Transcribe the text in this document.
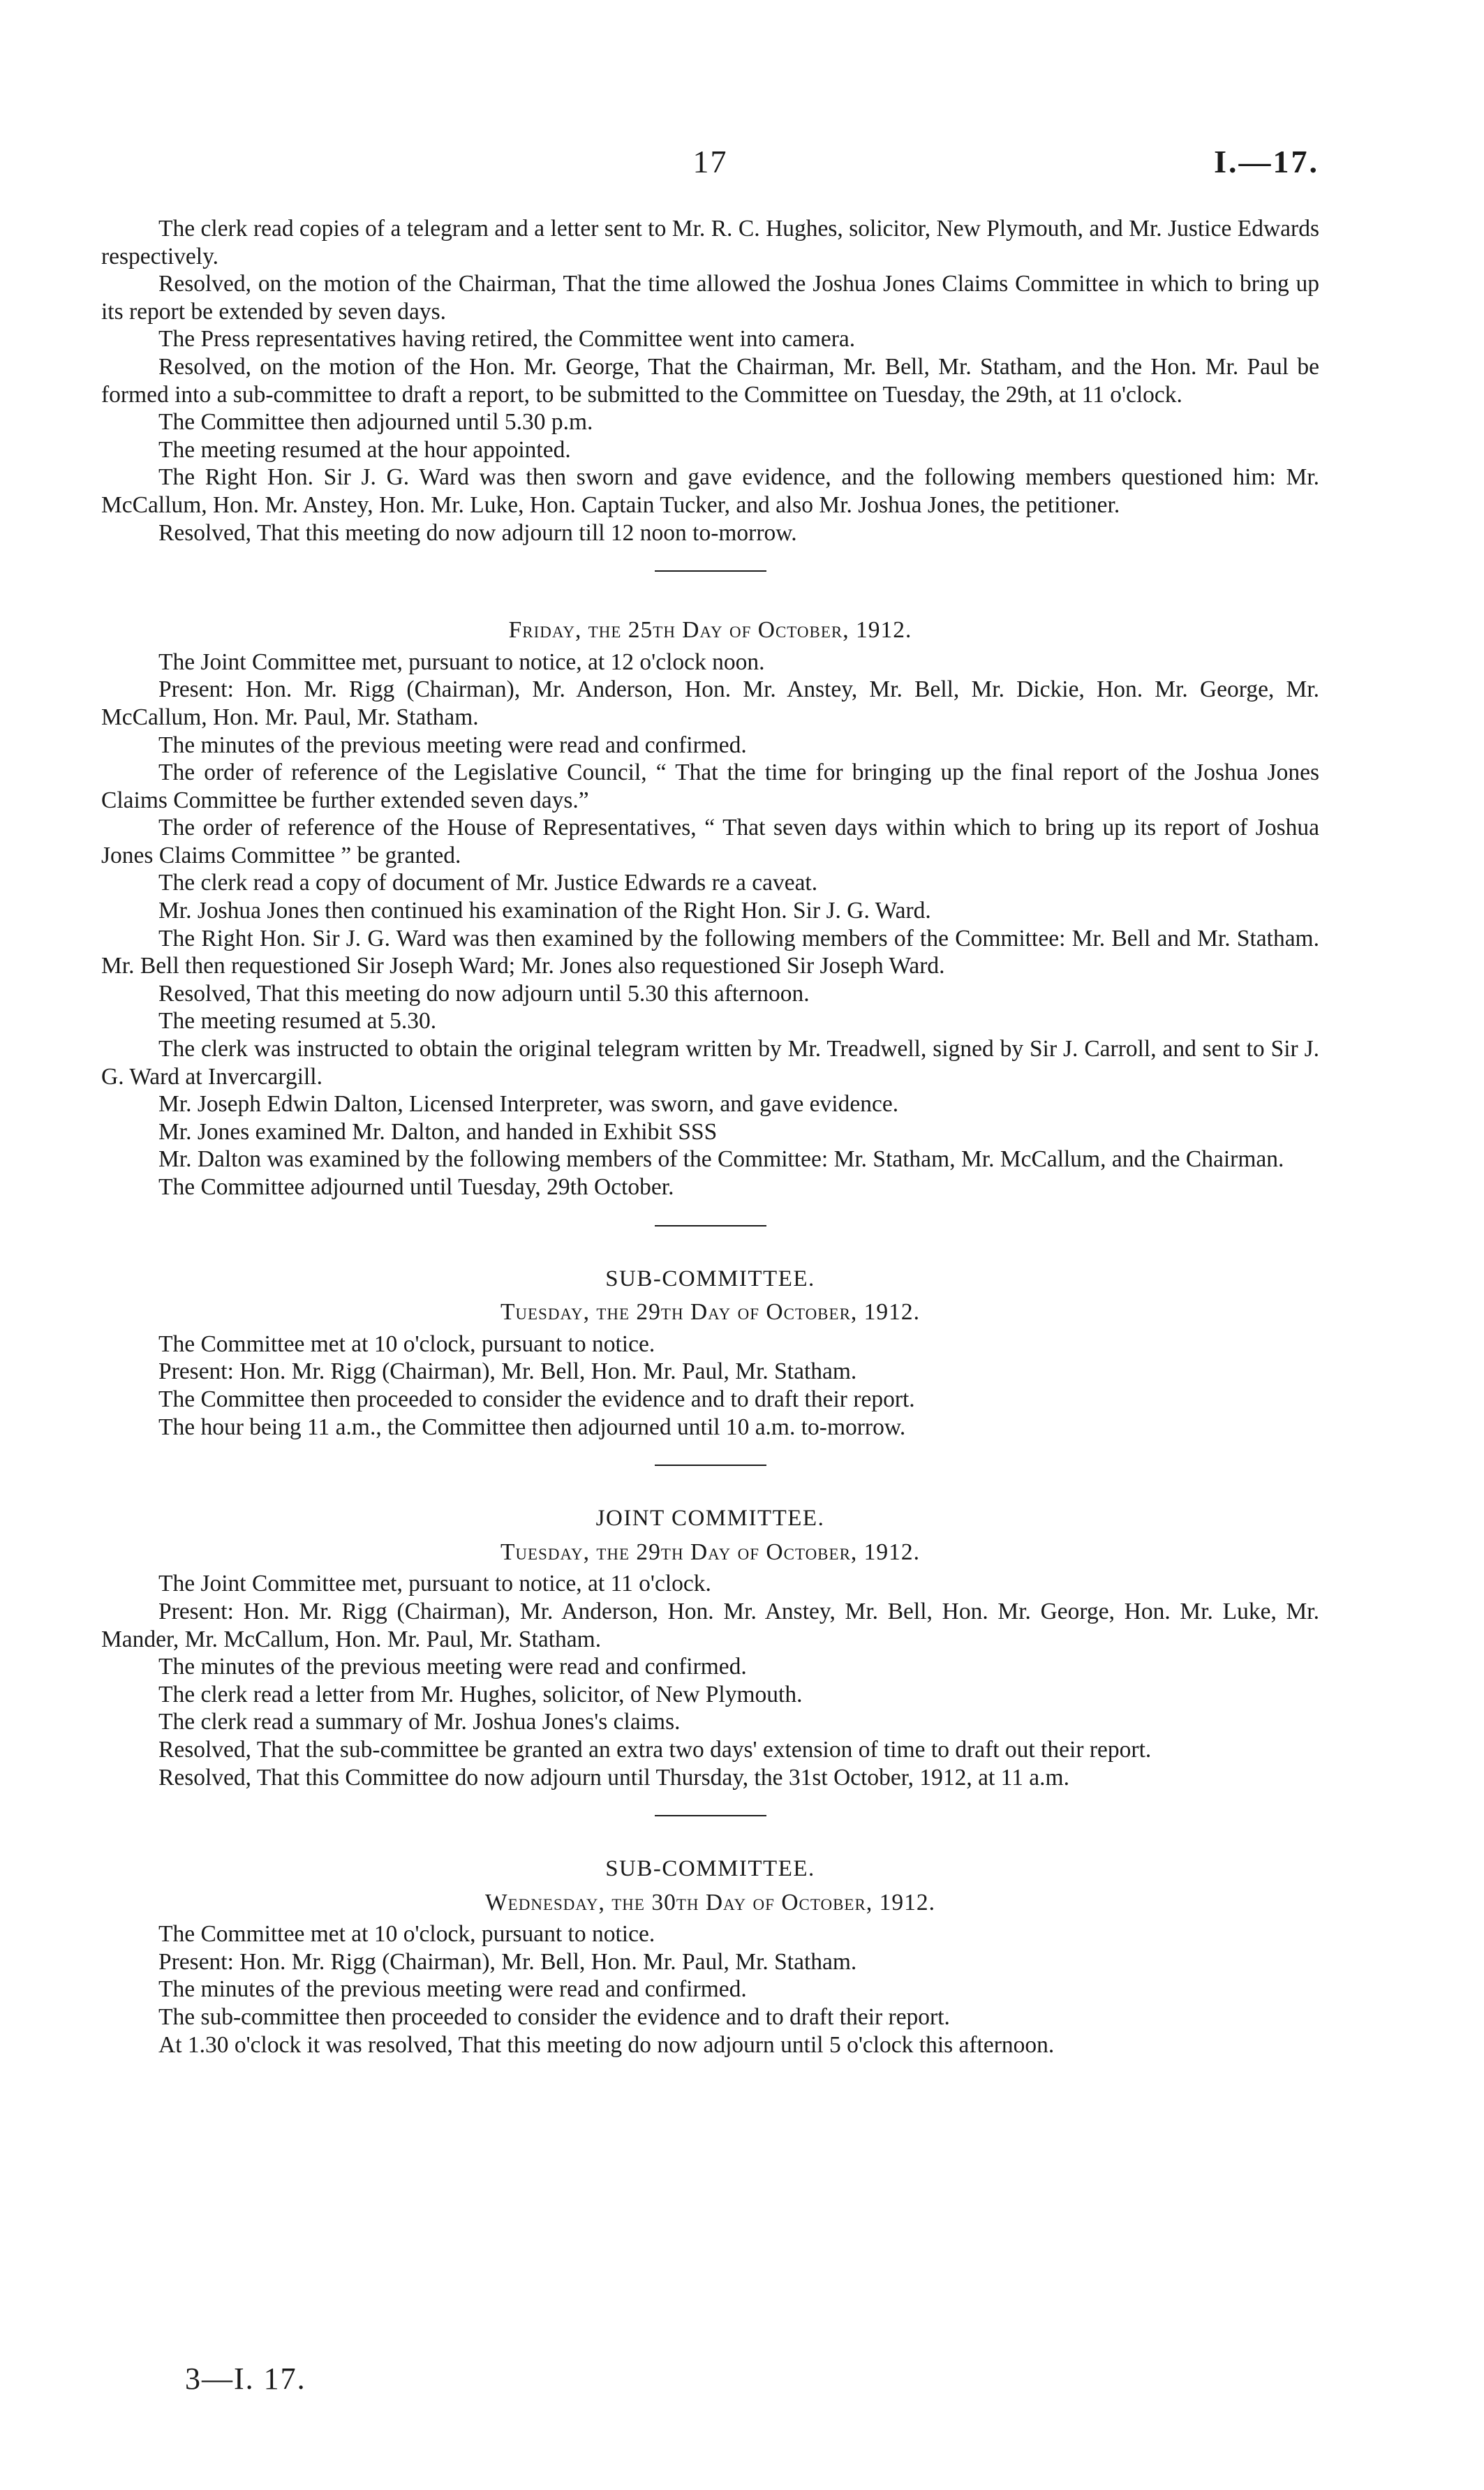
17	I.—17.

The clerk read copies of a telegram and a letter sent to Mr. R. C. Hughes, solicitor, New Plymouth, and Mr. Justice Edwards respectively.

Resolved, on the motion of the Chairman, That the time allowed the Joshua Jones Claims Committee in which to bring up its report be extended by seven days.

The Press representatives having retired, the Committee went into camera.

Resolved, on the motion of the Hon. Mr. George, That the Chairman, Mr. Bell, Mr. Statham, and the Hon. Mr. Paul be formed into a sub-committee to draft a report, to be submitted to the Committee on Tuesday, the 29th, at 11 o'clock.

The Committee then adjourned until 5.30 p.m.

The meeting resumed at the hour appointed.

The Right Hon. Sir J. G. Ward was then sworn and gave evidence, and the following members questioned him: Mr. McCallum, Hon. Mr. Anstey, Hon. Mr. Luke, Hon. Captain Tucker, and also Mr. Joshua Jones, the petitioner.

Resolved, That this meeting do now adjourn till 12 noon to-morrow.

Friday, the 25th Day of October, 1912.

The Joint Committee met, pursuant to notice, at 12 o'clock noon.

Present: Hon. Mr. Rigg (Chairman), Mr. Anderson, Hon. Mr. Anstey, Mr. Bell, Mr. Dickie, Hon. Mr. George, Mr. McCallum, Hon. Mr. Paul, Mr. Statham.

The minutes of the previous meeting were read and confirmed.

The order of reference of the Legislative Council, “ That the time for bringing up the final report of the Joshua Jones Claims Committee be further extended seven days.”

The order of reference of the House of Representatives, “ That seven days within which to bring up its report of Joshua Jones Claims Committee ” be granted.

The clerk read a copy of document of Mr. Justice Edwards re a caveat.

Mr. Joshua Jones then continued his examination of the Right Hon. Sir J. G. Ward.

The Right Hon. Sir J. G. Ward was then examined by the following members of the Committee: Mr. Bell and Mr. Statham. Mr. Bell then requestioned Sir Joseph Ward; Mr. Jones also requestioned Sir Joseph Ward.

Resolved, That this meeting do now adjourn until 5.30 this afternoon.

The meeting resumed at 5.30.

The clerk was instructed to obtain the original telegram written by Mr. Treadwell, signed by Sir J. Carroll, and sent to Sir J. G. Ward at Invercargill.

Mr. Joseph Edwin Dalton, Licensed Interpreter, was sworn, and gave evidence.

Mr. Jones examined Mr. Dalton, and handed in Exhibit SSS

Mr. Dalton was examined by the following members of the Committee: Mr. Statham, Mr. McCallum, and the Chairman.

The Committee adjourned until Tuesday, 29th October.

SUB-COMMITTEE.

Tuesday, the 29th Day of October, 1912.

The Committee met at 10 o'clock, pursuant to notice.

Present: Hon. Mr. Rigg (Chairman), Mr. Bell, Hon. Mr. Paul, Mr. Statham.

The Committee then proceeded to consider the evidence and to draft their report.

The hour being 11 a.m., the Committee then adjourned until 10 a.m. to-morrow.

JOINT COMMITTEE.

Tuesday, the 29th Day of October, 1912.

The Joint Committee met, pursuant to notice, at 11 o'clock.

Present: Hon. Mr. Rigg (Chairman), Mr. Anderson, Hon. Mr. Anstey, Mr. Bell, Hon. Mr. George, Hon. Mr. Luke, Mr. Mander, Mr. McCallum, Hon. Mr. Paul, Mr. Statham.

The minutes of the previous meeting were read and confirmed.

The clerk read a letter from Mr. Hughes, solicitor, of New Plymouth.

The clerk read a summary of Mr. Joshua Jones's claims.

Resolved, That the sub-committee be granted an extra two days' extension of time to draft out their report.

Resolved, That this Committee do now adjourn until Thursday, the 31st October, 1912, at 11 a.m.

SUB-COMMITTEE.

Wednesday, the 30th Day of October, 1912.

The Committee met at 10 o'clock, pursuant to notice.

Present: Hon. Mr. Rigg (Chairman), Mr. Bell, Hon. Mr. Paul, Mr. Statham.

The minutes of the previous meeting were read and confirmed.

The sub-committee then proceeded to consider the evidence and to draft their report.

At 1.30 o'clock it was resolved, That this meeting do now adjourn until 5 o'clock this afternoon.

3—I. 17.
